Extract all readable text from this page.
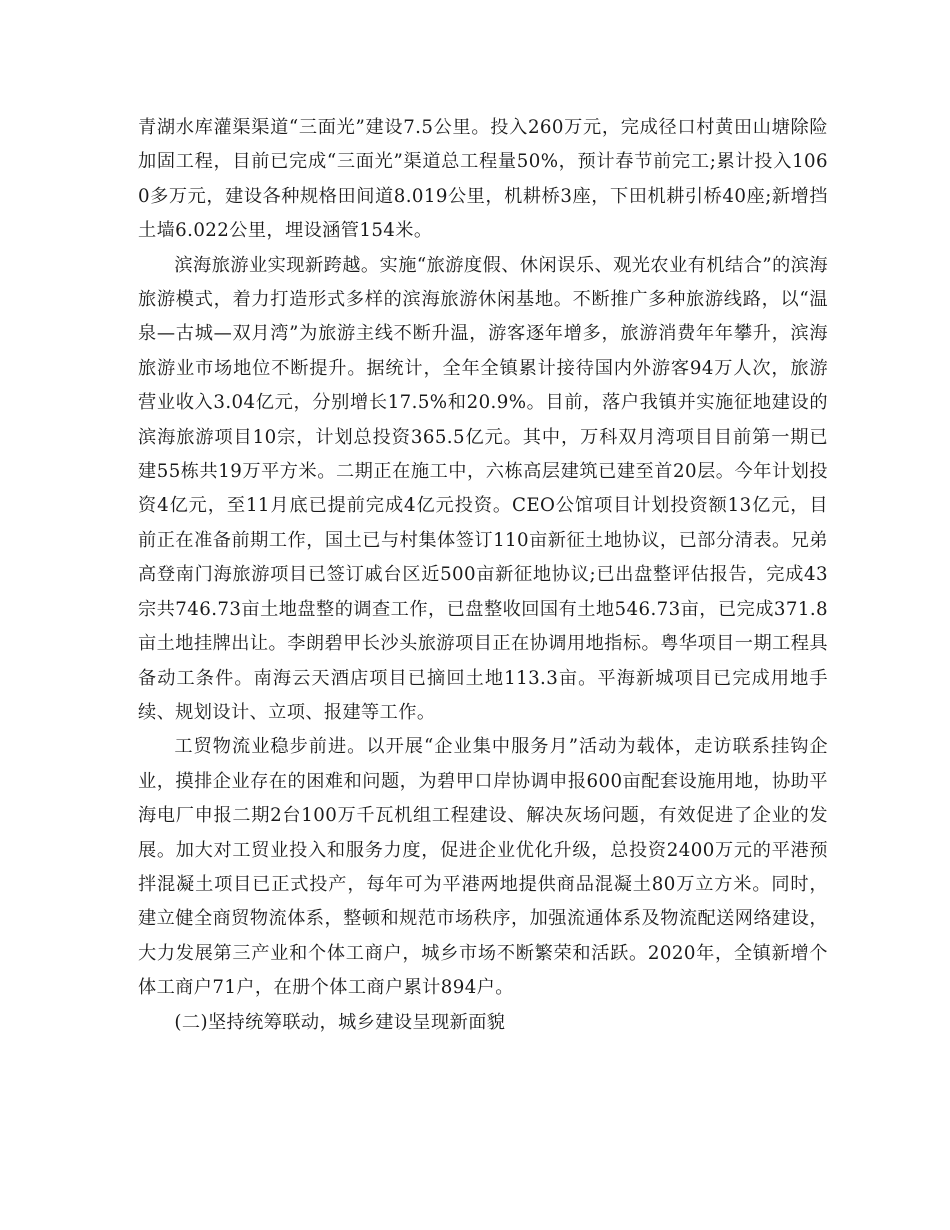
青湖水库灌渠渠道“三面光”建设7.5公里。投入260万元，完成径口村黄田山塘除险加固工程，目前已完成“三面光”渠道总工程量50%，预计春节前完工;累计投入1060多万元，建设各种规格田间道8.019公里，机耕桥3座，下田机耕引桥40座;新增挡土墙6.022公里，埋设涵管154米。

滨海旅游业实现新跨越。实施“旅游度假、休闲误乐、观光农业有机结合”的滨海旅游模式，着力打造形式多样的滨海旅游休闲基地。不断推广多种旅游线路，以“温泉—古城—双月湾”为旅游主线不断升温，游客逐年增多，旅游消费年年攀升，滨海旅游业市场地位不断提升。据统计，全年全镇累计接待国内外游客94万人次，旅游营业收入3.04亿元，分别增长17.5%和20.9%。目前，落户我镇并实施征地建设的滨海旅游项目10宗，计划总投资365.5亿元。其中，万科双月湾项目目前第一期已建55栋共19万平方米。二期正在施工中，六栋高层建筑已建至首20层。今年计划投资4亿元，至11月底已提前完成4亿元投资。CEO公馆项目计划投资额13亿元，目前正在准备前期工作，国土已与村集体签订110亩新征土地协议，已部分清表。兄弟高登南门海旅游项目已签订戚台区近500亩新征地协议;已出盘整评估报告，完成43宗共746.73亩土地盘整的调查工作，已盘整收回国有土地546.73亩，已完成371.8亩土地挂牌出让。李朗碧甲长沙头旅游项目正在协调用地指标。粤华项目一期工程具备动工条件。南海云天酒店项目已摘回土地113.3亩。平海新城项目已完成用地手续、规划设计、立项、报建等工作。

工贸物流业稳步前进。以开展“企业集中服务月”活动为载体，走访联系挂钩企业，摸排企业存在的困难和问题，为碧甲口岸协调申报600亩配套设施用地，协助平海电厂申报二期2台100万千瓦机组工程建设、解决灰场问题，有效促进了企业的发展。加大对工贸业投入和服务力度，促进企业优化升级，总投资2400万元的平港预拌混凝土项目已正式投产，每年可为平港两地提供商品混凝土80万立方米。同时，建立健全商贸物流体系，整顿和规范市场秩序，加强流通体系及物流配送网络建设，大力发展第三产业和个体工商户，城乡市场不断繁荣和活跃。2020年，全镇新增个体工商户71户，在册个体工商户累计894户。

(二)坚持统筹联动，城乡建设呈现新面貌
